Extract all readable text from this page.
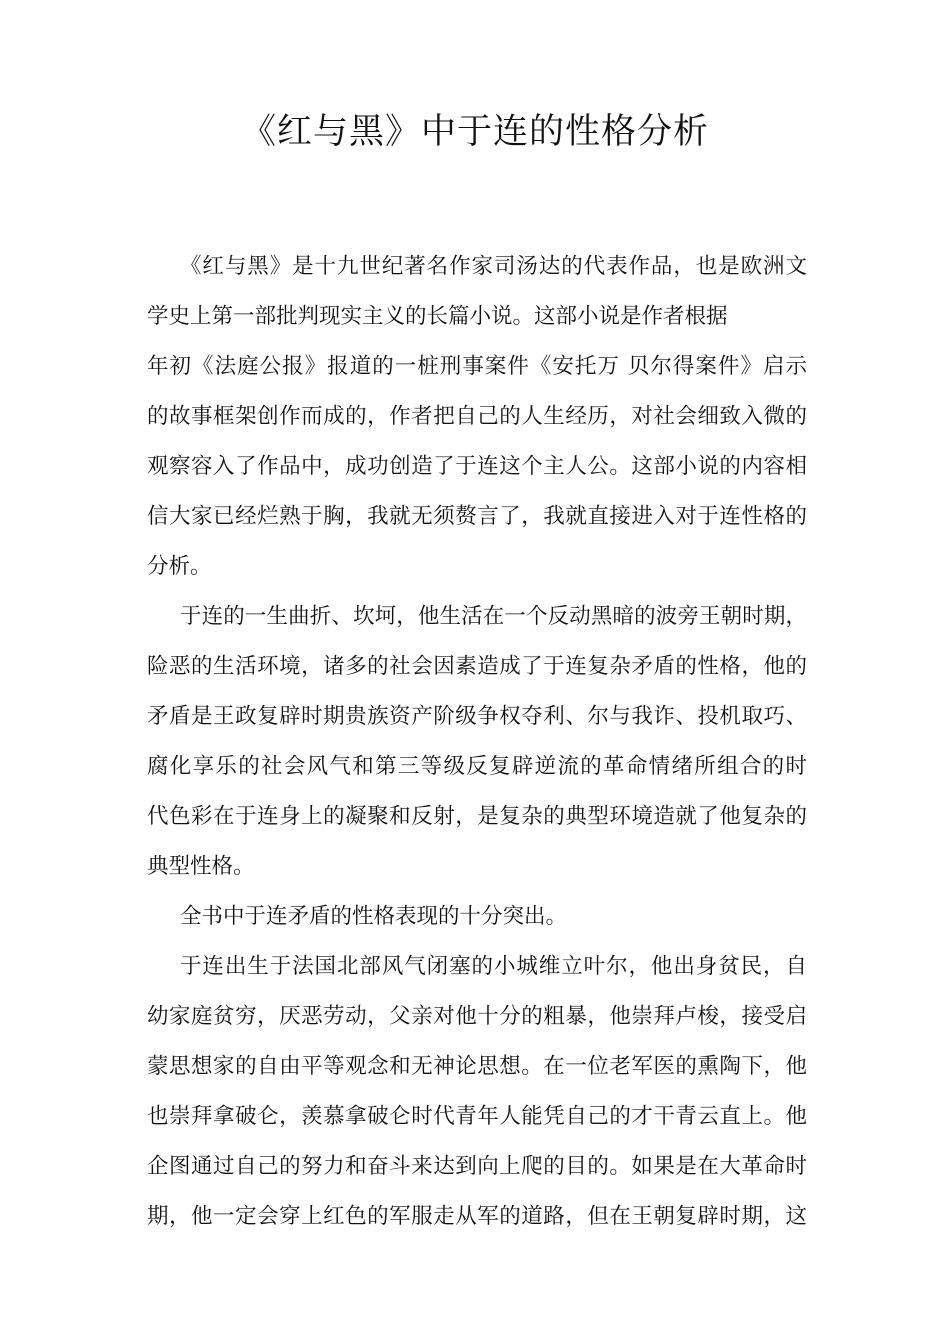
《红与黑》中于连的性格分析
《红与黑》是十九世纪著名作家司汤达的代表作品，也是欧洲文
学史上第一部批判现实主义的长篇小说。这部小说是作者根据
年初《法庭公报》报道的一桩刑事案件《安托万 贝尔得案件》启示
的故事框架创作而成的，作者把自己的人生经历，对社会细致入微的
观察容入了作品中，成功创造了于连这个主人公。这部小说的内容相
信大家已经烂熟于胸，我就无须赘言了，我就直接进入对于连性格的
分析。
于连的一生曲折、坎坷，他生活在一个反动黑暗的波旁王朝时期，
险恶的生活环境，诸多的社会因素造成了于连复杂矛盾的性格，他的
矛盾是王政复辟时期贵族资产阶级争权夺利、尔与我诈、投机取巧、
腐化享乐的社会风气和第三等级反复辟逆流的革命情绪所组合的时
代色彩在于连身上的凝聚和反射，是复杂的典型环境造就了他复杂的
典型性格。
全书中于连矛盾的性格表现的十分突出。
于连出生于法国北部风气闭塞的小城维立叶尔，他出身贫民，自
幼家庭贫穷，厌恶劳动，父亲对他十分的粗暴，他崇拜卢梭，接受启
蒙思想家的自由平等观念和无神论思想。在一位老军医的熏陶下，他
也崇拜拿破仑，羡慕拿破仑时代青年人能凭自己的才干青云直上。他
企图通过自己的努力和奋斗来达到向上爬的目的。如果是在大革命时
期，他一定会穿上红色的军服走从军的道路，但在王朝复辟时期，这
